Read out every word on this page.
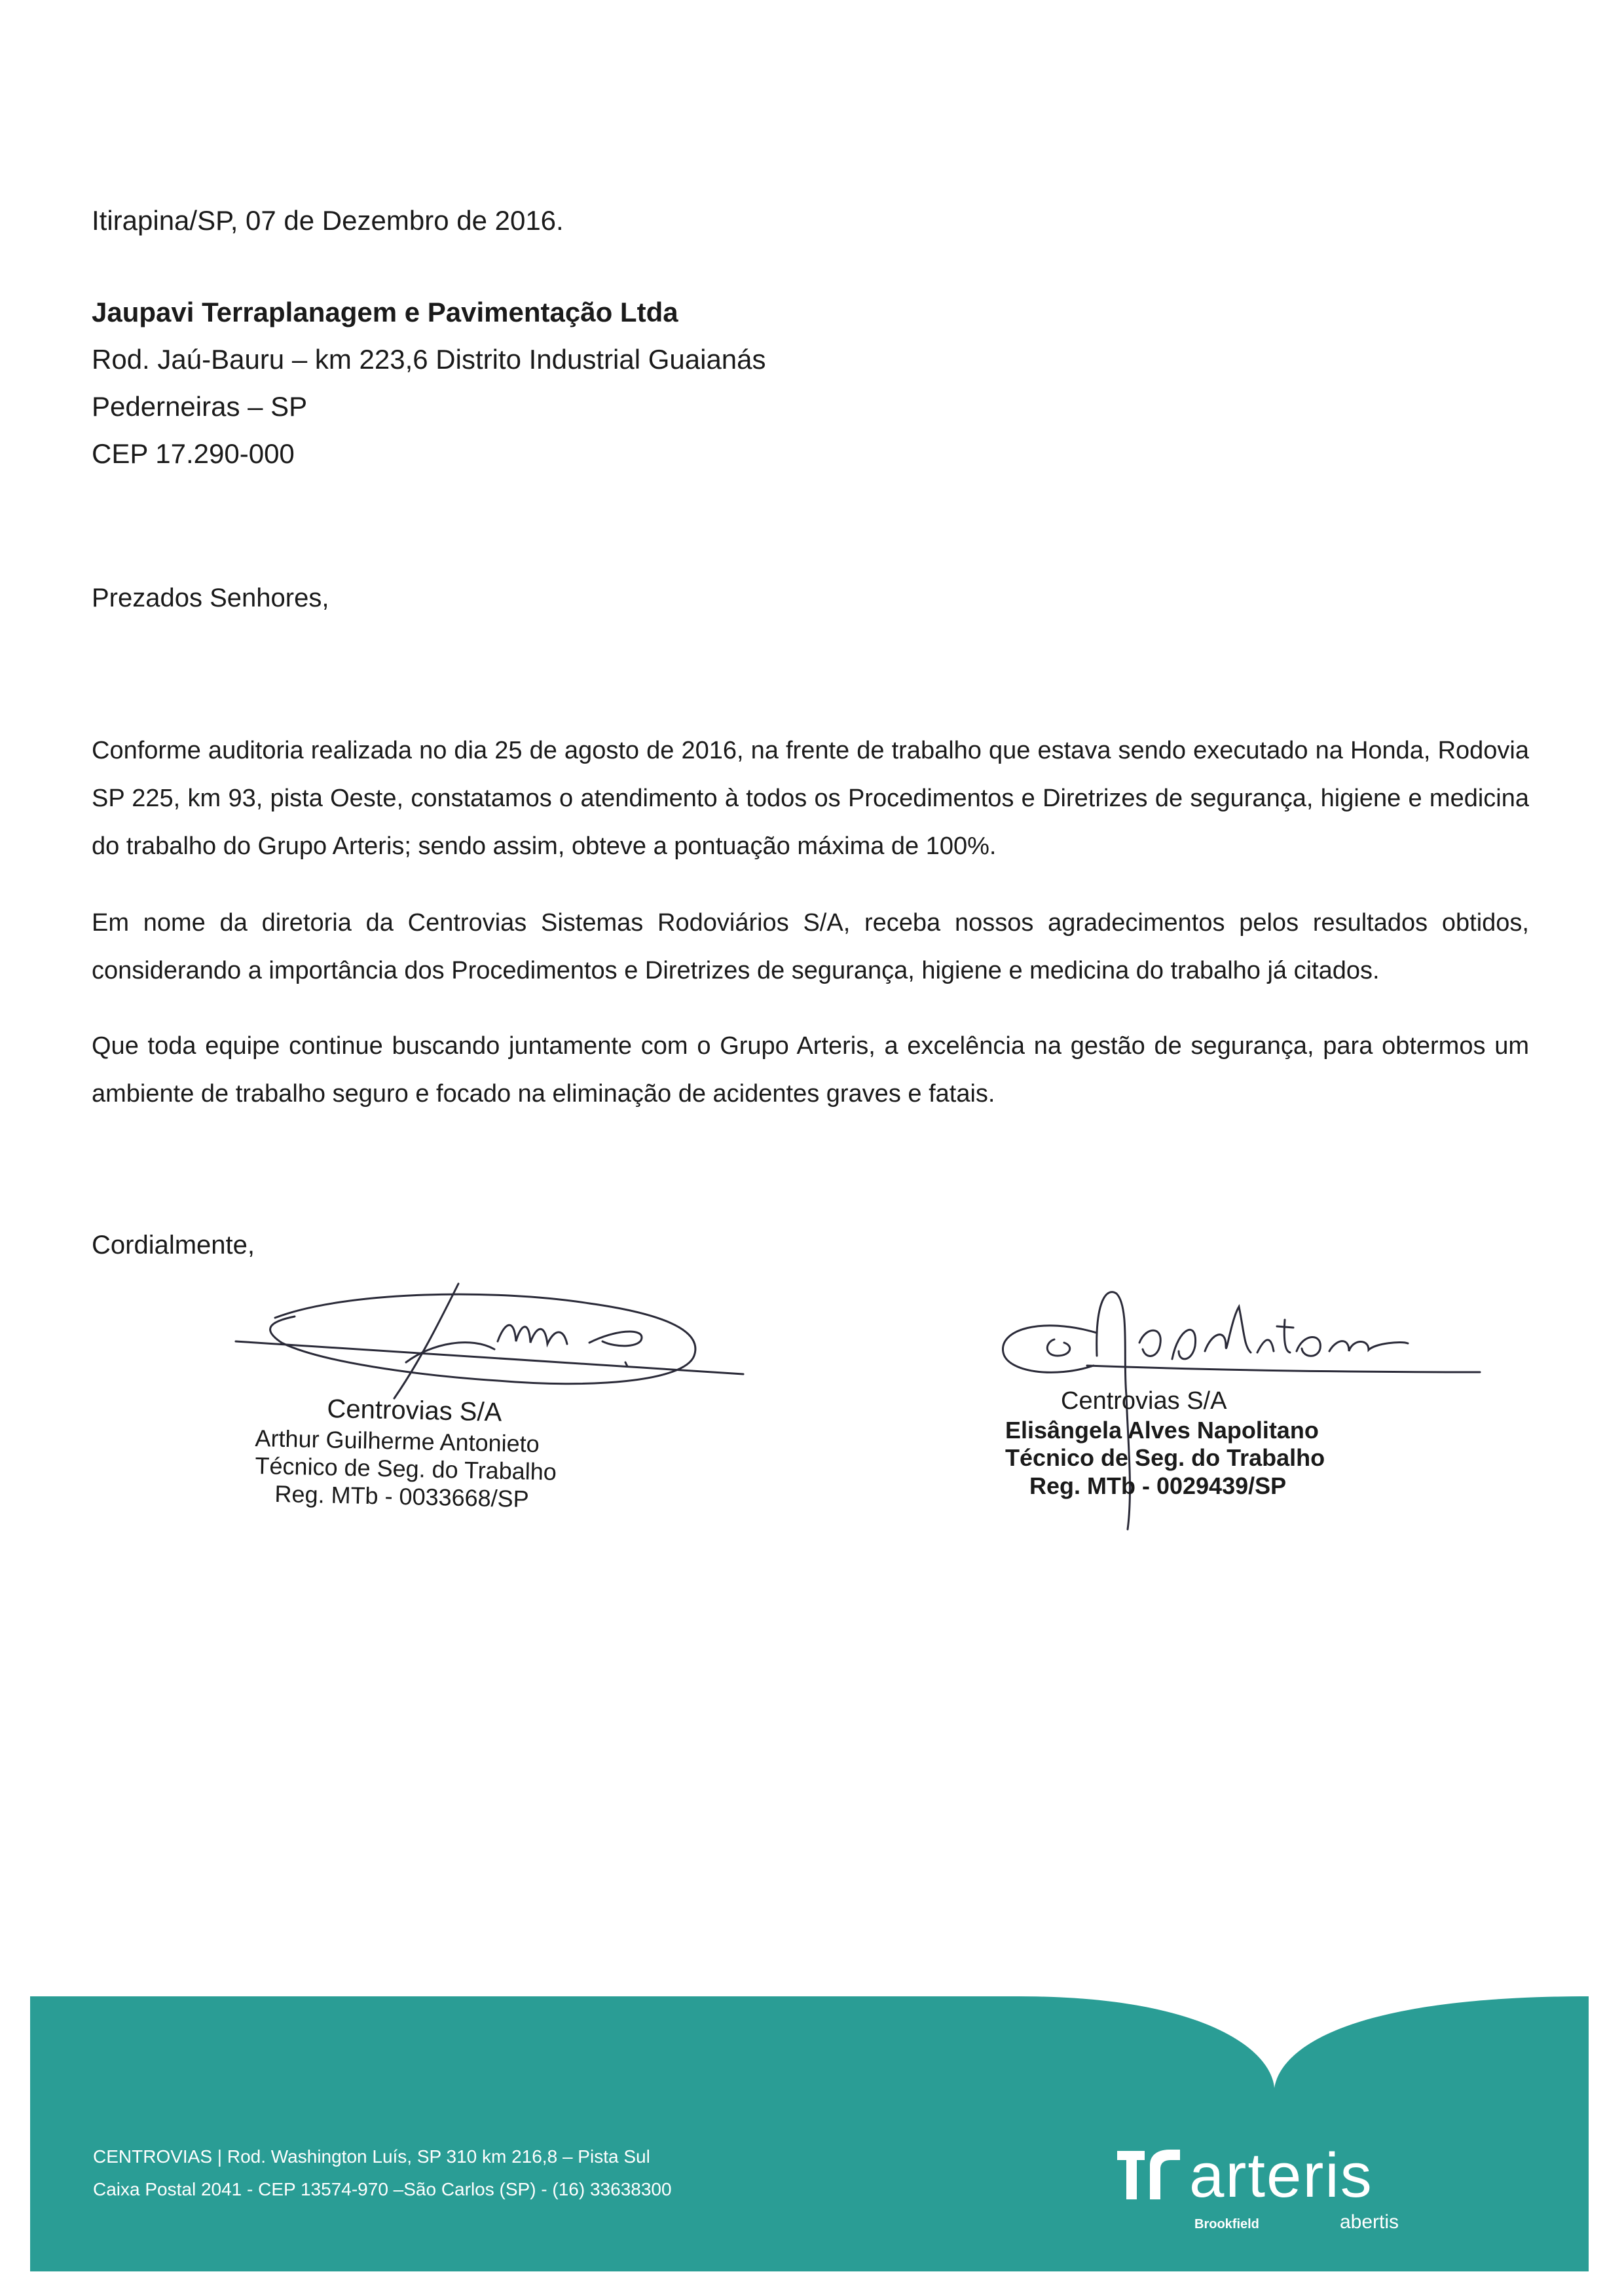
Itirapina/SP, 07 de Dezembro de 2016.
Jaupavi Terraplanagem e Pavimentação Ltda
Rod. Jaú-Bauru – km 223,6 Distrito Industrial Guaianás
Pederneiras – SP
CEP 17.290-000
Prezados Senhores,
Conforme auditoria realizada no dia 25 de agosto de 2016, na frente de trabalho que estava sendo executado na Honda, Rodovia SP 225, km 93, pista Oeste, constatamos o atendimento à todos os Procedimentos e Diretrizes de segurança, higiene e medicina do trabalho do Grupo Arteris; sendo assim, obteve a pontuação máxima de 100%.
Em nome da diretoria da Centrovias Sistemas Rodoviários S/A, receba nossos agradecimentos pelos resultados obtidos, considerando a importância dos Procedimentos e Diretrizes de segurança, higiene e medicina do trabalho já citados.
Que toda equipe continue buscando juntamente com o Grupo Arteris, a excelência na gestão de segurança, para obtermos um ambiente de trabalho seguro e focado na eliminação de acidentes graves e fatais.
Cordialmente,
Centrovias S/A
Arthur Guilherme Antonieto
Técnico de Seg. do Trabalho
Reg. MTb - 0033668/SP
Centrovias S/A
Elisângela Alves Napolitano
Técnico de Seg. do Trabalho
Reg. MTb - 0029439/SP
CENTROVIAS | Rod. Washington Luís, SP 310 km 216,8 – Pista Sul
Caixa Postal 2041 - CEP 13574-970 –São Carlos (SP) - (16) 33638300	arteris
Brookfield	abertis
